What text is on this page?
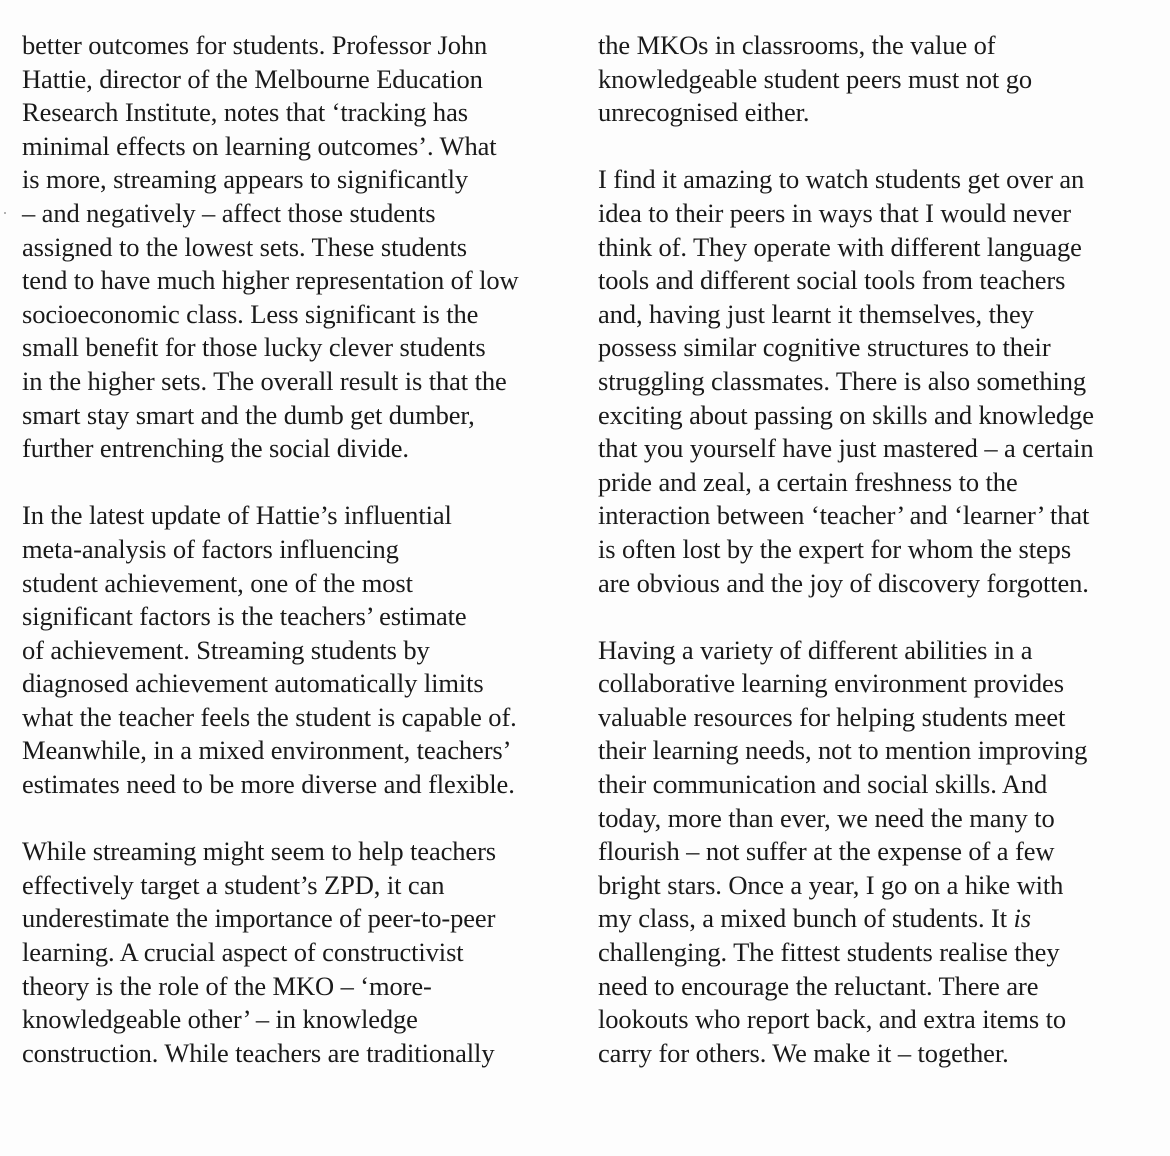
better outcomes for students. Professor John
Hattie, director of the Melbourne Education
Research Institute, notes that ‘tracking has
minimal effects on learning outcomes’. What
is more, streaming appears to significantly
– and negatively – affect those students
assigned to the lowest sets. These students
tend to have much higher representation of low
socioeconomic class. Less significant is the
small benefit for those lucky clever students
in the higher sets. The overall result is that the
smart stay smart and the dumb get dumber,
further entrenching the social divide.

In the latest update of Hattie’s influential
meta-analysis of factors influencing
student achievement, one of the most
significant factors is the teachers’ estimate
of achievement. Streaming students by
diagnosed achievement automatically limits
what the teacher feels the student is capable of.
Meanwhile, in a mixed environment, teachers’
estimates need to be more diverse and flexible.

While streaming might seem to help teachers
effectively target a student’s ZPD, it can
underestimate the importance of peer-to-peer
learning. A crucial aspect of constructivist
theory is the role of the MKO – ‘more-
knowledgeable other’ – in knowledge
construction. While teachers are traditionally

the MKOs in classrooms, the value of
knowledgeable student peers must not go
unrecognised either.

I find it amazing to watch students get over an
idea to their peers in ways that I would never
think of. They operate with different language
tools and different social tools from teachers
and, having just learnt it themselves, they
possess similar cognitive structures to their
struggling classmates. There is also something
exciting about passing on skills and knowledge
that you yourself have just mastered – a certain
pride and zeal, a certain freshness to the
interaction between ‘teacher’ and ‘learner’ that
is often lost by the expert for whom the steps
are obvious and the joy of discovery forgotten.

Having a variety of different abilities in a
collaborative learning environment provides
valuable resources for helping students meet
their learning needs, not to mention improving
their communication and social skills. And
today, more than ever, we need the many to
flourish – not suffer at the expense of a few
bright stars. Once a year, I go on a hike with
my class, a mixed bunch of students. It is
challenging. The fittest students realise they
need to encourage the reluctant. There are
lookouts who report back, and extra items to
carry for others. We make it – together.
